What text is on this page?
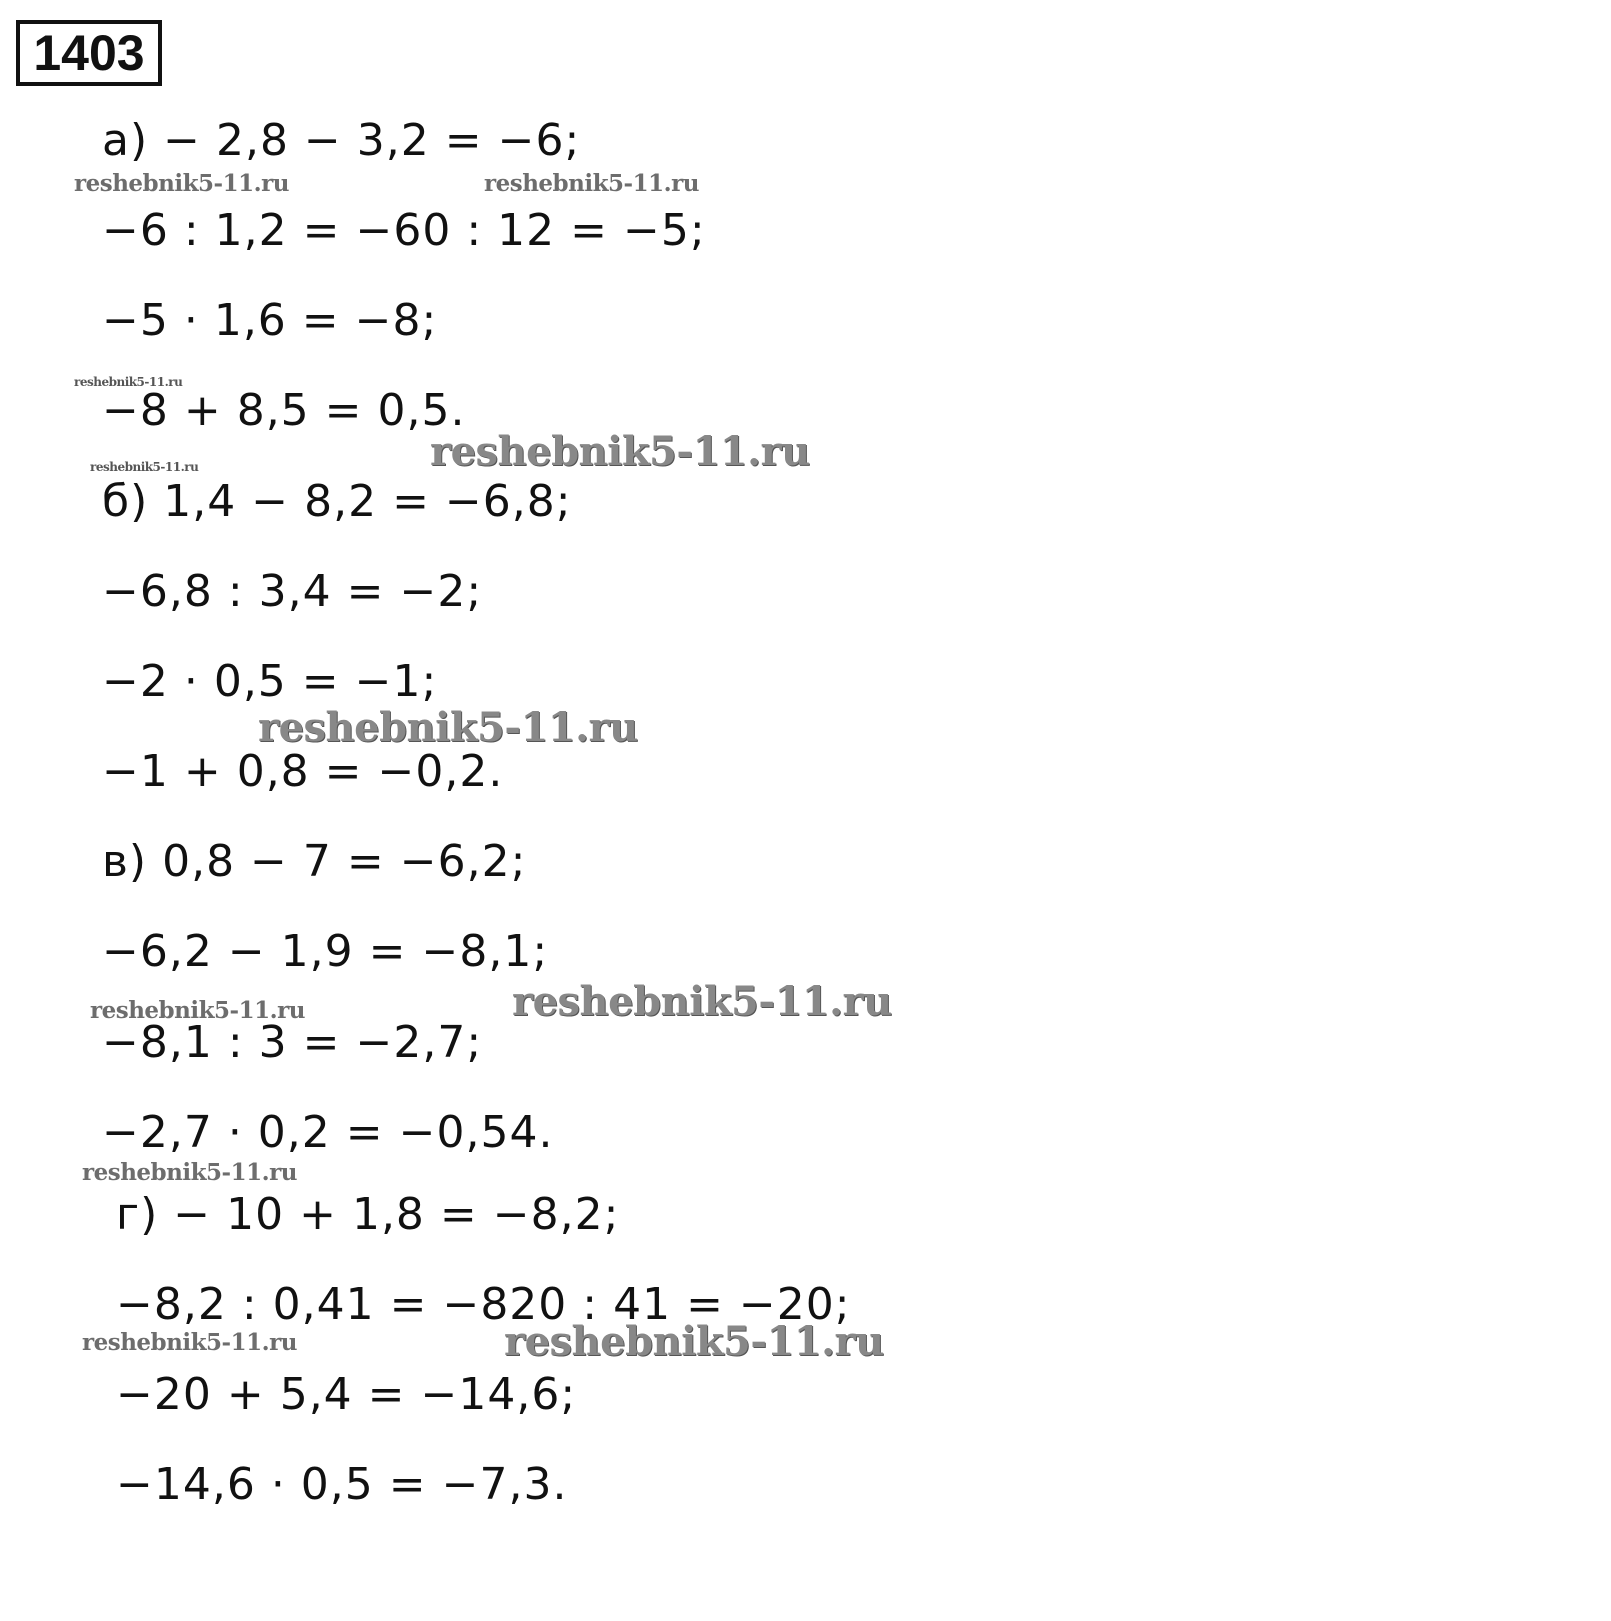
1403
а) − 2,8 − 3,2 = −6;
−6 : 1,2 = −60 : 12 = −5;
−5 · 1,6 = −8;
−8 + 8,5 = 0,5.
б) 1,4 − 8,2 = −6,8;
−6,8 : 3,4 = −2;
−2 · 0,5 = −1;
−1 + 0,8 = −0,2.
в) 0,8 − 7 = −6,2;
−6,2 − 1,9 = −8,1;
−8,1 : 3 = −2,7;
−2,7 · 0,2 = −0,54.
г) − 10 + 1,8 = −8,2;
−8,2 : 0,41 = −820 : 41 = −20;
−20 + 5,4 = −14,6;
−14,6 · 0,5 = −7,3.
reshebnik5-11.ru	reshebnik5-11.ru
reshebnik5-11.ru
reshebnik5-11.ru
reshebnik5-11.ru
reshebnik5-11.ru
reshebnik5-11.ru	reshebnik5-11.ru
reshebnik5-11.ru
reshebnik5-11.ru	reshebnik5-11.ru
